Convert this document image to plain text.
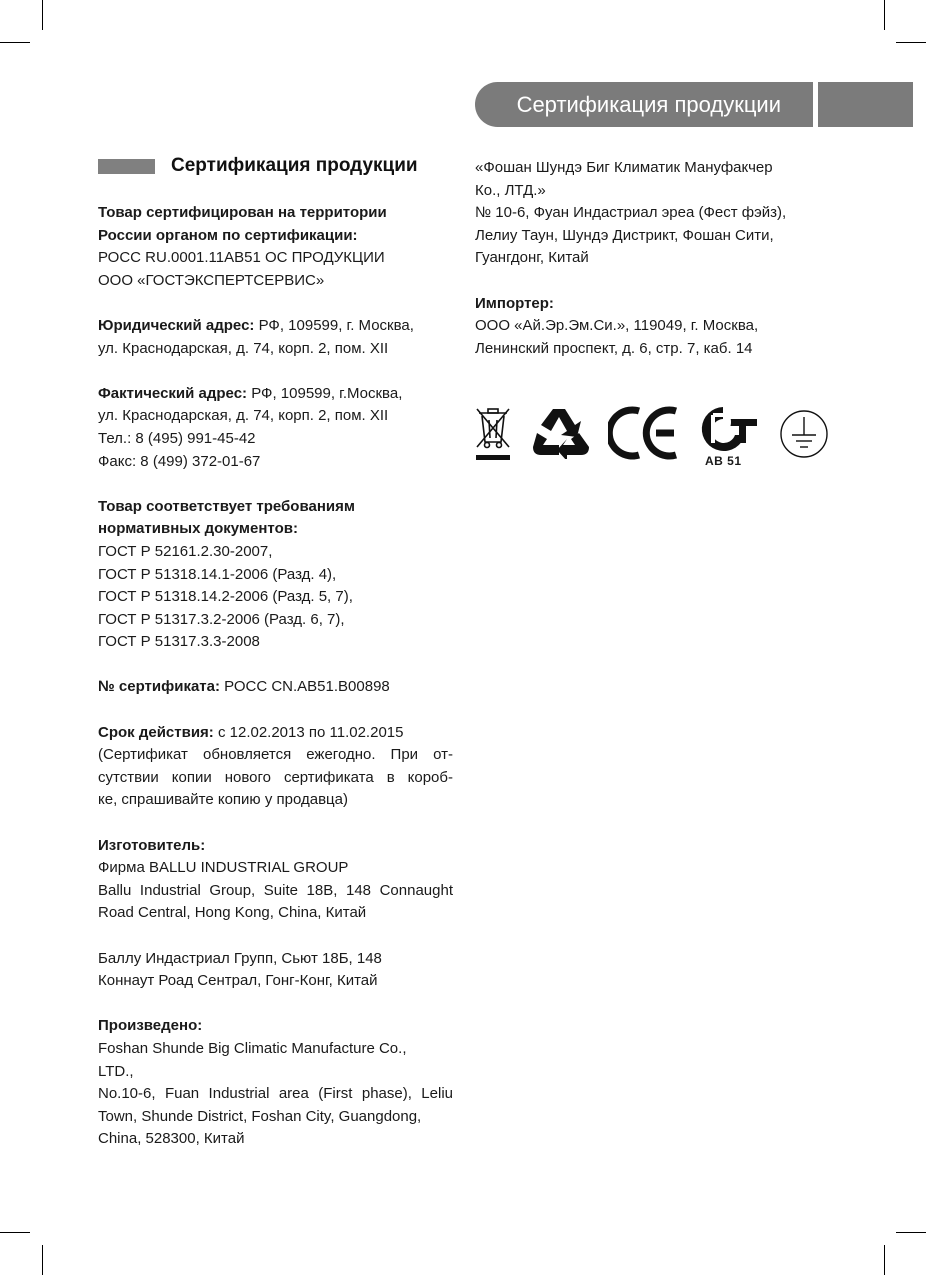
Сертификация продукции
Сертификация продукции
Товар сертифицирован на территории
России органом по сертификации:
РОСС RU.0001.11АВ51 ОС ПРОДУКЦИИ
ООО «ГОСТЭКСПЕРТСЕРВИС»
Юридический адрес: РФ, 109599, г. Москва,
ул. Краснодарская, д. 74, корп. 2, пом. XII
Фактический адрес: РФ, 109599, г.Москва,
ул. Краснодарская, д. 74, корп. 2, пом. XII
Тел.: 8 (495) 991-45-42
Факс: 8 (499) 372-01-67
Товар соответствует требованиям
нормативных документов:
ГОСТ Р 52161.2.30-2007,
ГОСТ Р 51318.14.1-2006 (Разд. 4),
ГОСТ Р 51318.14.2-2006 (Разд. 5, 7),
ГОСТ Р 51317.3.2-2006 (Разд. 6, 7),
ГОСТ Р 51317.3.3-2008
№ сертификата: РОСС CN.АВ51.В00898
Срок действия: с 12.02.2013 по 11.02.2015
(Сертификат обновляется ежегодно. При от-
сутствии копии нового сертификата в короб-
ке, спрашивайте копию у продавца)
Изготовитель:
Фирма BALLU INDUSTRIAL GROUP
Ballu Industrial Group, Suite 18B, 148 Connaught
Road Central, Hong Kong, China, Китай
Баллу Индастриал Групп, Сьют 18Б, 148
Коннаут Роад Сентрал, Гонг-Конг, Китай
Произведено:
Foshan Shunde Big Climatic Manufacture Co.,
LTD.,
No.10-6, Fuan Industrial area (First phase), Leliu
Town, Shunde District, Foshan City, Guangdong,
China, 528300, Китай
«Фошан Шундэ Биг Климатик Мануфакчер
Ко., ЛТД.»
№ 10-6, Фуан Индастриал эреа (Фест фэйз),
Лелиу Таун, Шундэ Дистрикт, Фошан Сити,
Гуангдонг, Китай
Импортер:
ООО «Ай.Эр.Эм.Си.», 119049, г. Москва,
Ленинский проспект, д. 6, стр. 7, каб. 14
АВ 51
